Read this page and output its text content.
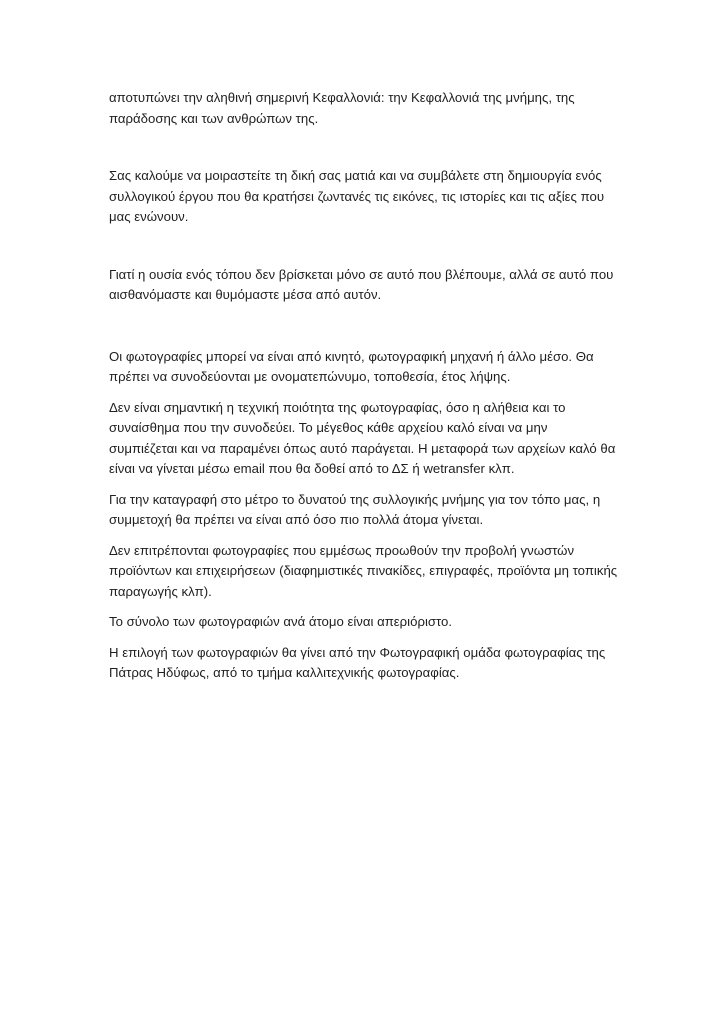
αποτυπώνει την αληθινή σημερινή Κεφαλλονιά: την Κεφαλλονιά της μνήμης, της παράδοσης και των ανθρώπων της.

Σας καλούμε να μοιραστείτε τη δική σας ματιά και να συμβάλετε στη δημιουργία ενός συλλογικού έργου που θα κρατήσει ζωντανές τις εικόνες, τις ιστορίες και τις αξίες που μας ενώνουν.

Γιατί η ουσία ενός τόπου δεν βρίσκεται μόνο σε αυτό που βλέπουμε, αλλά σε αυτό που αισθανόμαστε και θυμόμαστε μέσα από αυτόν.

Οι φωτογραφίες μπορεί να είναι από κινητό, φωτογραφική μηχανή ή άλλο μέσο. Θα πρέπει να συνοδεύονται με ονοματεπώνυμο, τοποθεσία, έτος λήψης.

Δεν είναι σημαντική η τεχνική ποιότητα της φωτογραφίας, όσο η αλήθεια και το συναίσθημα που την συνοδεύει. Το μέγεθος κάθε αρχείου καλό είναι να μην συμπιέζεται και να παραμένει όπως αυτό παράγεται. Η μεταφορά των αρχείων καλό θα είναι να γίνεται μέσω email που θα δοθεί από το ΔΣ ή wetransfer κλπ.

Για την καταγραφή στο μέτρο το δυνατού της συλλογικής μνήμης για τον τόπο μας, η συμμετοχή θα πρέπει να είναι από όσο πιο πολλά άτομα γίνεται.

Δεν επιτρέπονται φωτογραφίες που εμμέσως προωθούν την προβολή γνωστών προϊόντων και επιχειρήσεων (διαφημιστικές πινακίδες, επιγραφές, προϊόντα μη τοπικής παραγωγής κλπ).

Το σύνολο των φωτογραφιών ανά άτομο είναι απεριόριστο.

Η επιλογή των φωτογραφιών θα γίνει από την Φωτογραφική ομάδα φωτογραφίας της Πάτρας Ηδύφως, από το τμήμα καλλιτεχνικής φωτογραφίας.
